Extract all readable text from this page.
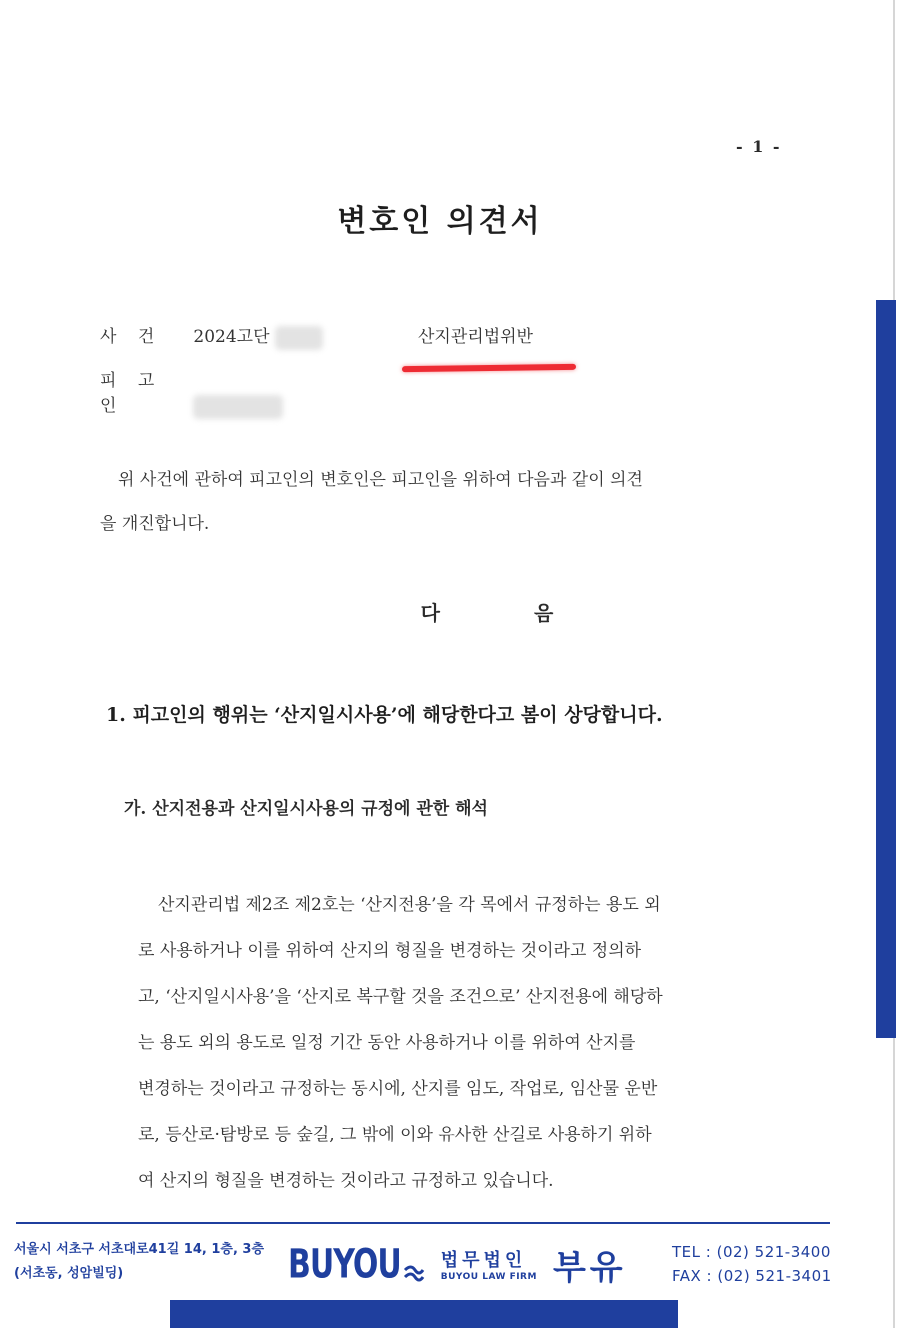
- 1 -
변호인 의견서
사 건 2024고단	산지관리법위반
피 고 인
위 사건에 관하여 피고인의 변호인은 피고인을 위하여 다음과 같이 의견
을 개진합니다.
다음
1. 피고인의 행위는 ‘산지일시사용’에 해당한다고 봄이 상당합니다.
가. 산지전용과 산지일시사용의 규정에 관한 해석
산지관리법 제2조 제2호는 ‘산지전용’을 각 목에서 규정하는 용도 외
로 사용하거나 이를 위하여 산지의 형질을 변경하는 것이라고 정의하
고, ‘산지일시사용’을 ‘산지로 복구할 것을 조건으로’ 산지전용에 해당하
는 용도 외의 용도로 일정 기간 동안 사용하거나 이를 위하여 산지를
변경하는 것이라고 규정하는 동시에, 산지를 임도, 작업로, 임산물 운반
로, 등산로·탐방로 등 숲길, 그 밖에 이와 유사한 산길로 사용하기 위하
여 산지의 형질을 변경하는 것이라고 규정하고 있습니다.
서울시 서초구 서초대로41길 14, 1층, 3층
(서초동, 성암빌딩)	BUYOU 법무법인
BUYOU LAW FIRM 부유	TEL : (02) 521-3400
FAX : (02) 521-3401
